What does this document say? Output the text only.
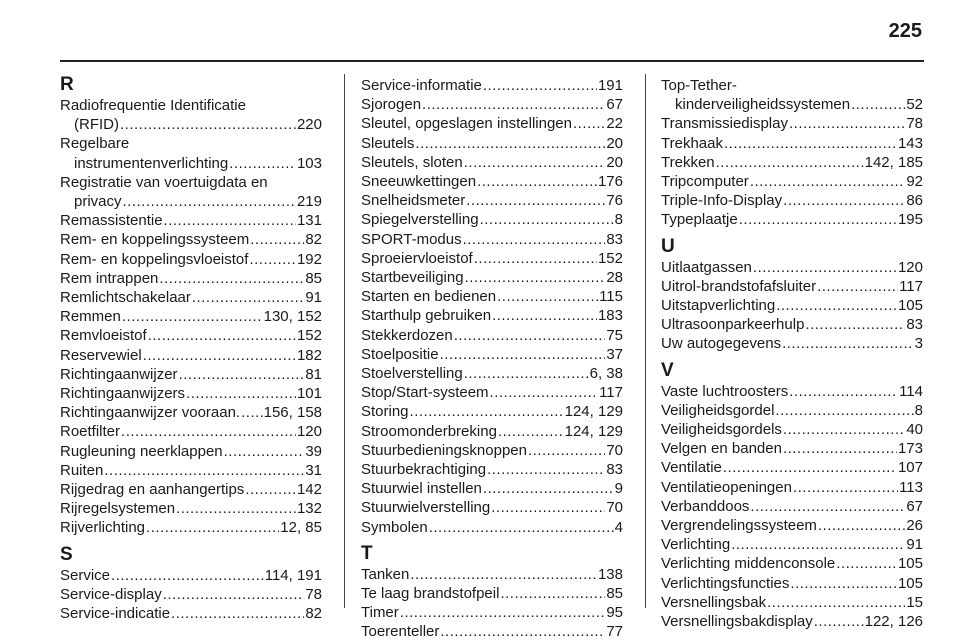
225
R
Radiofrequentie Identificatie
(RFID) .....	220
Regelbare
instrumentenverlichting .....	103
Registratie van voertuigdata en
privacy .....	219
Remassistentie .....	131
Rem- en koppelingssysteem .....	82
Rem- en koppelingsvloeistof .....	192
Rem intrappen .....	85
Remlichtschakelaar .....	91
Remmen .....	130, 152
Remvloeistof .....	152
Reservewiel .....	182
Richtingaanwijzer .....	81
Richtingaanwijzers .....	101
Richtingaanwijzer vooraan. ..... 156, 158
Roetfilter .....	120
Rugleuning neerklappen .....	39
Ruiten .....	31
Rijgedrag en aanhangertips .....	142
Rijregelsystemen .....	132
Rijverlichting .....	12, 85
S
Service .....	114, 191
Service-display .....	78
Service-indicatie .....	82
Service-informatie .....	191
Sjorogen .....	67
Sleutel, opgeslagen instellingen ..... 22
Sleutels .....	20
Sleutels, sloten .....	20
Sneeuwkettingen .....	176
Snelheidsmeter .....	76
Spiegelverstelling .....	8
SPORT-modus .....	83
Sproeiervloeistof .....	152
Startbeveiliging .....	28
Starten en bedienen .....	115
Starthulp gebruiken .....	183
Stekkerdozen .....	75
Stoelpositie .....	37
Stoelverstelling .....	6, 38
Stop/Start-systeem .....	117
Storing .....	124, 129
Stroomonderbreking .....	124, 129
Stuurbedieningsknoppen .....	70
Stuurbekrachtiging .....	83
Stuurwiel instellen .....	9
Stuurwielverstelling .....	70
Symbolen .....	4
T
Tanken .....	138
Te laag brandstofpeil .....	85
Timer .....	95
Toerenteller .....	77
Top-Tether-
kinderveiligheidssystemen .....	52
Transmissiedisplay .....	78
Trekhaak .....	143
Trekken .....	142, 185
Tripcomputer .....	92
Triple-Info-Display .....	86
Typeplaatje .....	195
U
Uitlaatgassen .....	120
Uitrol-brandstofafsluiter .....	117
Uitstapverlichting .....	105
Ultrasoonparkeerhulp .....	83
Uw autogegevens .....	3
V
Vaste luchtroosters .....	114
Veiligheidsgordel .....	8
Veiligheidsgordels .....	40
Velgen en banden .....	173
Ventilatie .....	107
Ventilatieopeningen .....	113
Verbanddoos .....	67
Vergrendelingssysteem .....	26
Verlichting .....	91
Verlichting middenconsole .....	105
Verlichtingsfuncties .....	105
Versnellingsbak .....	15
Versnellingsbakdisplay .....	122, 126
